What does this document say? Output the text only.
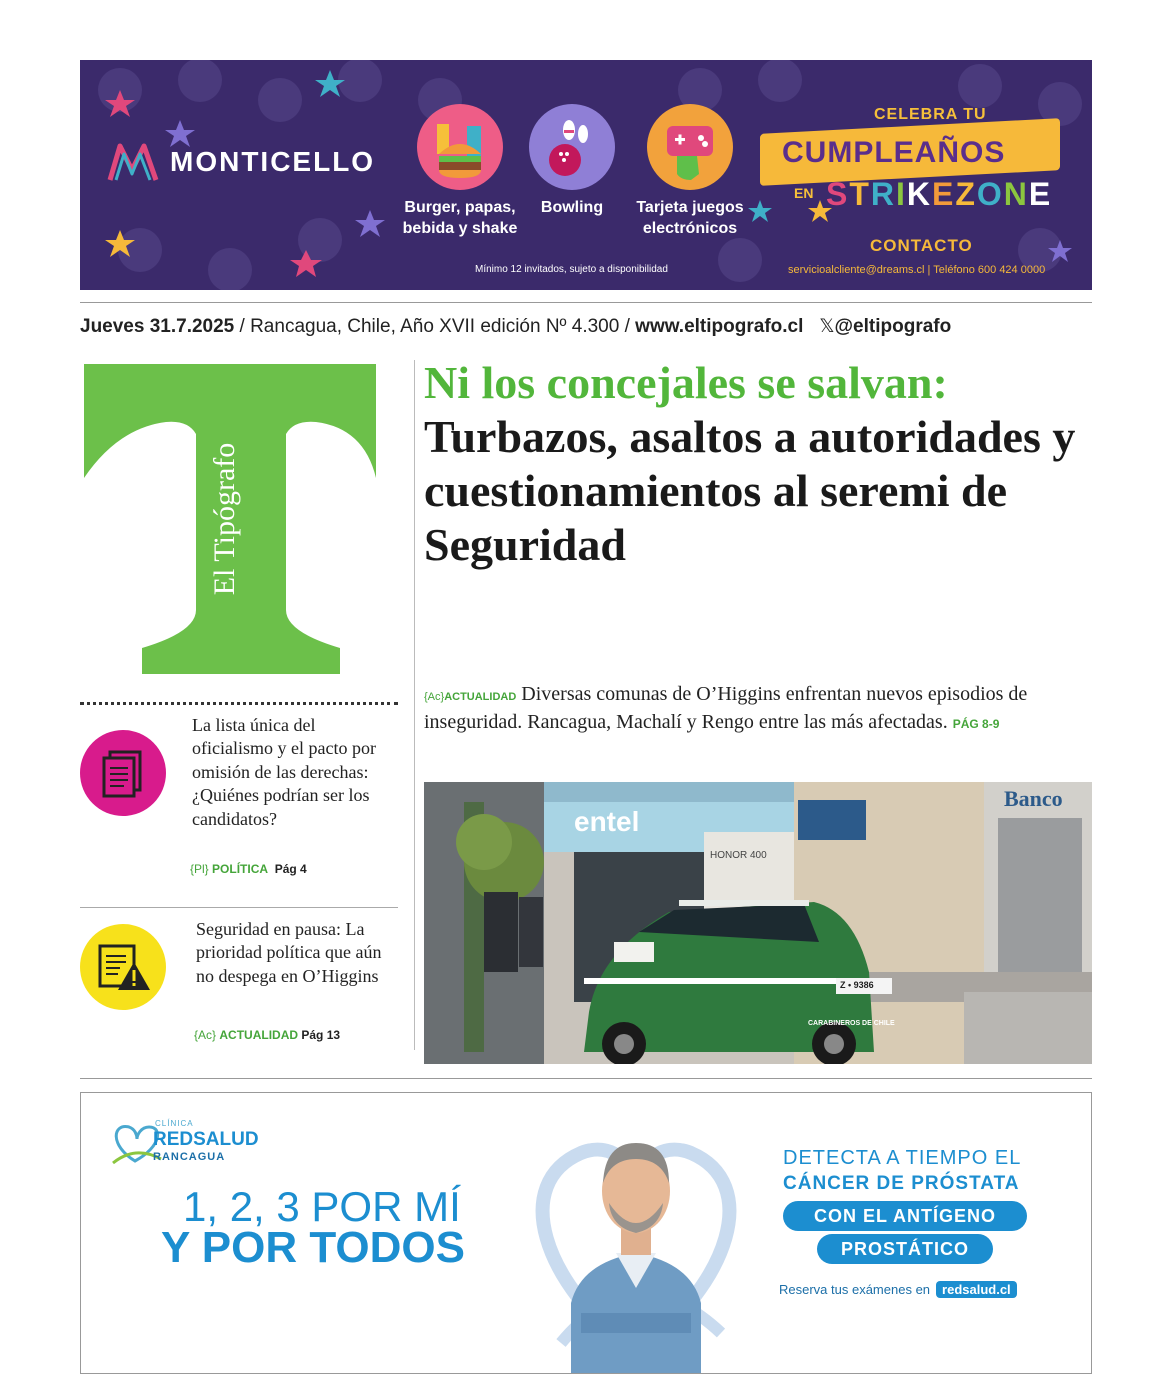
MONTICELLO
Burger, papas, bebida y shake
Bowling	Tarjeta juegos electrónicos
Mínimo 12 invitados, sujeto a disponibilidad
CELEBRA TU
CUMPLEAÑOS
EN STRIKEZONE
CONTACTO
servicioalcliente@dreams.cl | Teléfono 600 424 0000
Jueves 31.7.2025 / Rancagua, Chile, Año XVII edición Nº 4.300 / www.eltipografo.cl 𝕏@eltipografo
El Tipógrafo
La lista única del oficialismo y el pacto por omisión de las derechas: ¿Quiénes podrían ser los candidatos?
{Pl} POLÍTICA Pág 4
Seguridad en pausa: La prioridad política que aún no despega en O’Higgins
{Ac} ACTUALIDAD Pág 13
Ni los concejales se salvan: Turbazos, asaltos a autoridades y cuestionamientos al seremi de Seguridad

{Ac}ACTUALIDAD Diversas comunas de O’Higgins enfrentan nuevos episodios de inseguridad. Rancagua, Machalí y Rengo entre las más afectadas. PÁG 8-9

entel
Banco
HONOR 400
CARABINEROS DE CHILE
Z • 9386
CLÍNICA
REDSALUD
RANCAGUA
1, 2, 3 POR MÍ
Y POR TODOS
DETECTA A TIEMPO EL
CÁNCER DE PRÓSTATA
CON EL ANTÍGENO
PROSTÁTICO
Reserva tus exámenes en redsalud.cl
